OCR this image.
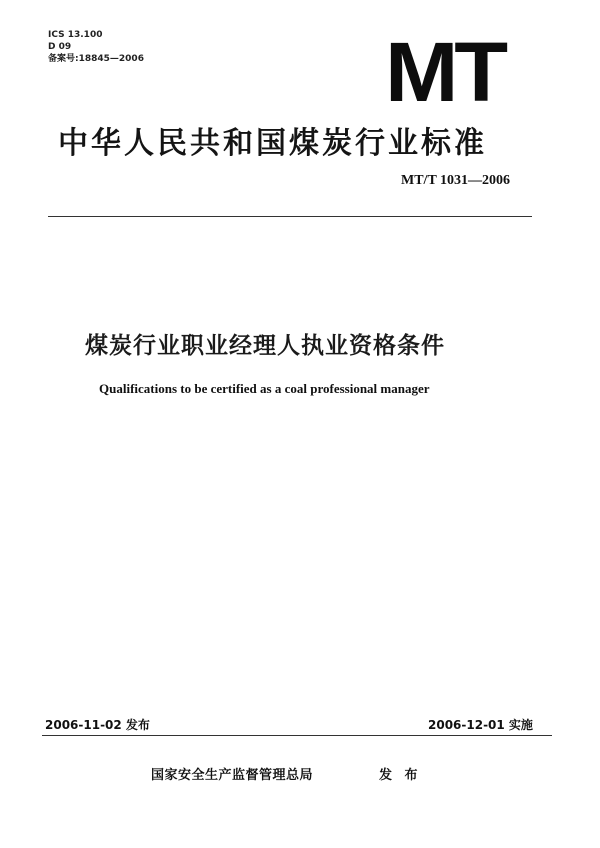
ICS 13.100
D 09
备案号:18845—2006	MT
中华人民共和国煤炭行业标准
MT/T 1031—2006
煤炭行业职业经理人执业资格条件
Qualifications to be certified as a coal professional manager
2006-11-02 发布	2006-12-01 实施
国家安全生产监督管理总局	发 布
